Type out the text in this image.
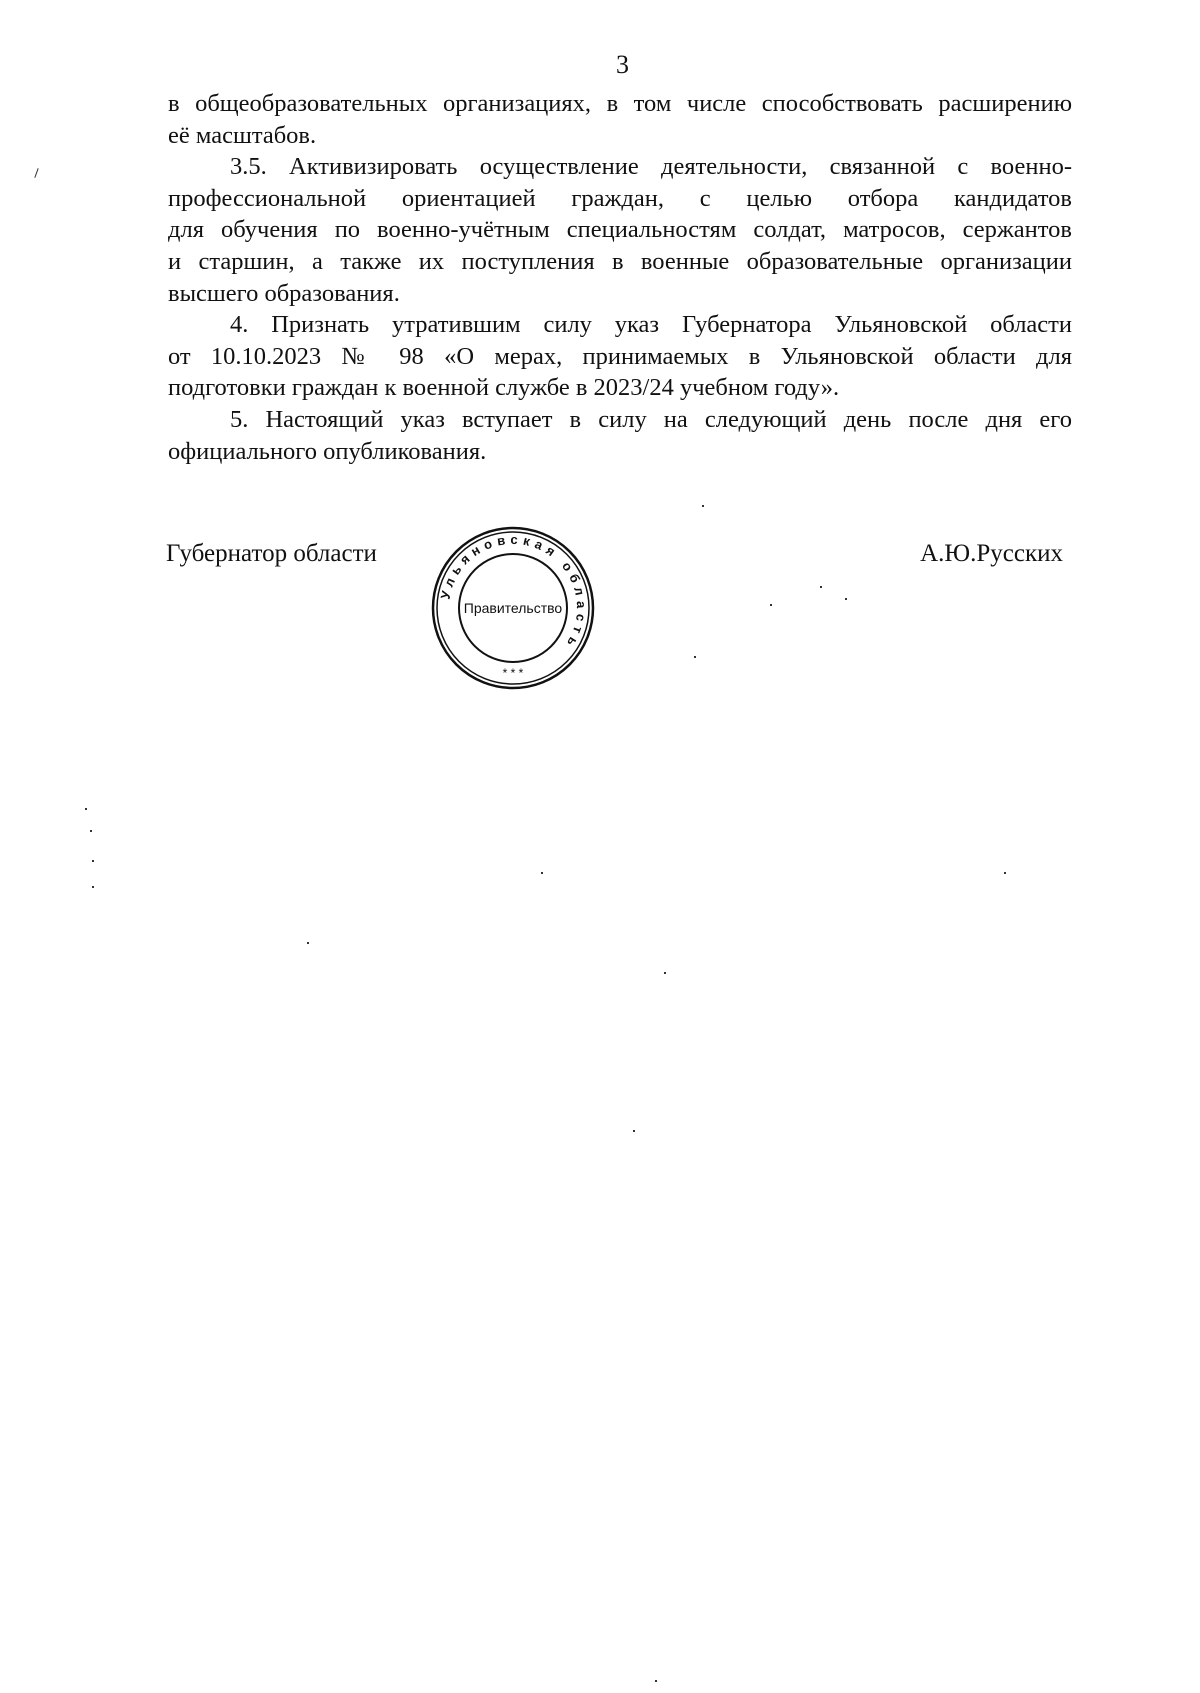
3
в общеобразовательных организациях, в том числе способствовать расширению
её масштабов.
3.5. Активизировать осуществление деятельности, связанной с военно-
профессиональной ориентацией граждан, с целью отбора кандидатов
для обучения по военно-учётным специальностям солдат, матросов, сержантов
и старшин, а также их поступления в военные образовательные организации
высшего образования.
4. Признать утратившим силу указ Губернатора Ульяновской области
от 10.10.2023 № 98 «О мерах, принимаемых в Ульяновской области для
подготовки граждан к военной службе в 2023/24 учебном году».
5. Настоящий указ вступает в силу на следующий день после дня его
официального опубликования.
Губернатор области	А.Ю.Русских
Ульяновская область
Правительство
* * *
